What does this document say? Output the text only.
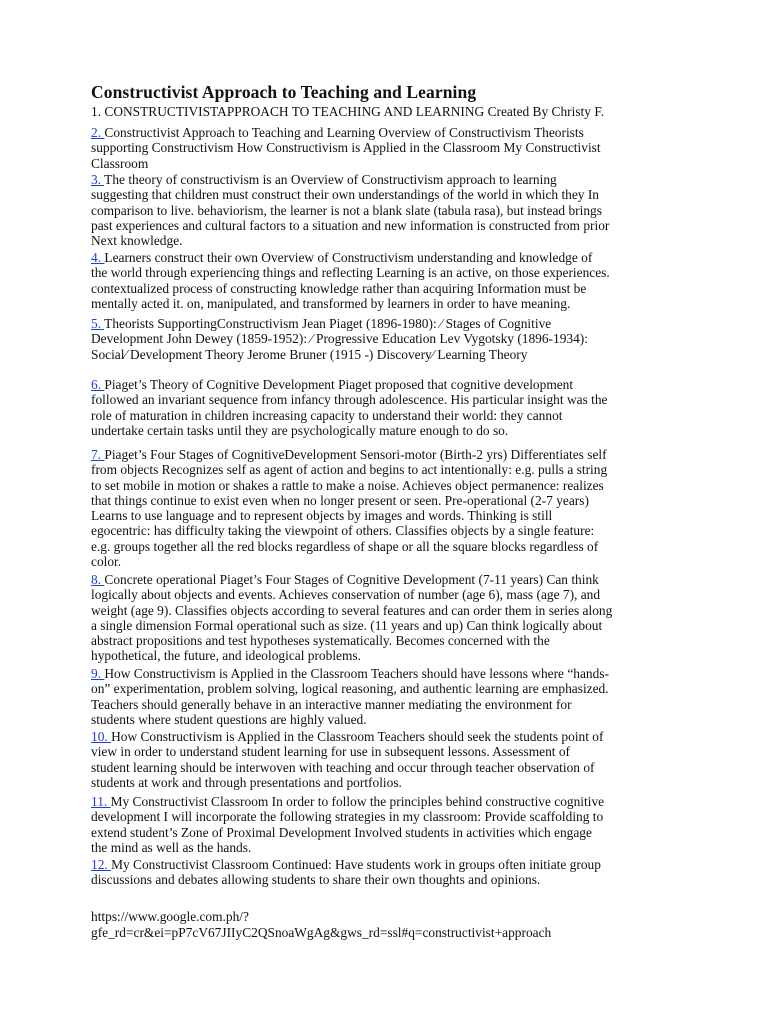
Constructivist Approach to Teaching and Learning
1. CONSTRUCTIVISTAPPROACH TO TEACHING AND LEARNING Created By Christy F.
2. Constructivist Approach to Teaching and Learning Overview of Constructivism Theorists
supporting Constructivism How Constructivism is Applied in the Classroom My Constructivist
Classroom
3. The theory of constructivism is an Overview of Constructivism approach to learning
suggesting that children must construct their own understandings of the world in which they In
comparison to live. behaviorism, the learner is not a blank slate (tabula rasa), but instead brings
past experiences and cultural factors to a situation and new information is constructed from prior
Next knowledge.
4. Learners construct their own Overview of Constructivism understanding and knowledge of
the world through experiencing things and reflecting Learning is an active, on those experiences.
contextualized process of constructing knowledge rather than acquiring Information must be
mentally acted it. on, manipulated, and transformed by learners in order to have meaning.
5. Theorists SupportingConstructivism Jean Piaget (1896-1980): ⁄ Stages of Cognitive
Development John Dewey (1859-1952): ⁄ Progressive Education Lev Vygotsky (1896-1934):
Social⁄ Development Theory Jerome Bruner (1915 -) Discovery⁄ Learning Theory
6. Piaget’s Theory of Cognitive Development Piaget proposed that cognitive development
followed an invariant sequence from infancy through adolescence. His particular insight was the
role of maturation in children increasing capacity to understand their world: they cannot
undertake certain tasks until they are psychologically mature enough to do so.
7. Piaget’s Four Stages of CognitiveDevelopment Sensori-motor (Birth-2 yrs) Differentiates self
from objects Recognizes self as agent of action and begins to act intentionally: e.g. pulls a string
to set mobile in motion or shakes a rattle to make a noise. Achieves object permanence: realizes
that things continue to exist even when no longer present or seen. Pre-operational (2-7 years)
Learns to use language and to represent objects by images and words. Thinking is still
egocentric: has difficulty taking the viewpoint of others. Classifies objects by a single feature:
e.g. groups together all the red blocks regardless of shape or all the square blocks regardless of
color.
8. Concrete operational Piaget’s Four Stages of Cognitive Development (7-11 years) Can think
logically about objects and events. Achieves conservation of number (age 6), mass (age 7), and
weight (age 9). Classifies objects according to several features and can order them in series along
a single dimension Formal operational such as size. (11 years and up) Can think logically about
abstract propositions and test hypotheses systematically. Becomes concerned with the
hypothetical, the future, and ideological problems.
9. How Constructivism is Applied in the Classroom Teachers should have lessons where “hands-
on” experimentation, problem solving, logical reasoning, and authentic learning are emphasized.
Teachers should generally behave in an interactive manner mediating the environment for
students where student questions are highly valued.
10. How Constructivism is Applied in the Classroom Teachers should seek the students point of
view in order to understand student learning for use in subsequent lessons. Assessment of
student learning should be interwoven with teaching and occur through teacher observation of
students at work and through presentations and portfolios.
11. My Constructivist Classroom In order to follow the principles behind constructive cognitive
development I will incorporate the following strategies in my classroom: Provide scaffolding to
extend student’s Zone of Proximal Development Involved students in activities which engage
the mind as well as the hands.
12. My Constructivist Classroom Continued: Have students work in groups often initiate group
discussions and debates allowing students to share their own thoughts and opinions.
https://www.google.com.ph/?
gfe_rd=cr&ei=pP7cV67JIIyC2QSnoaWgAg&gws_rd=ssl#q=constructivist+approach
